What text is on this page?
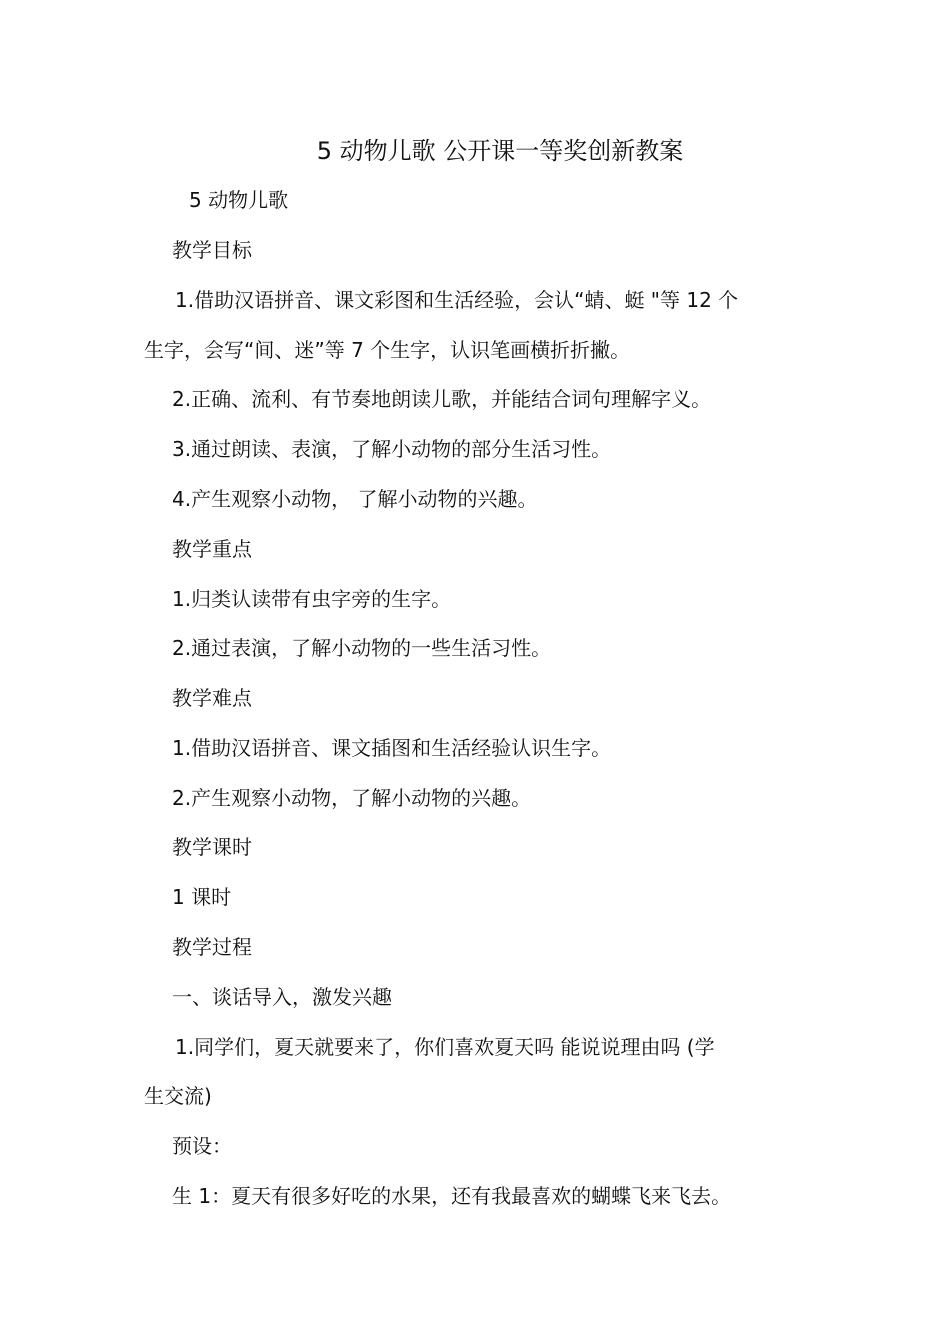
5 动物儿歌 公开课一等奖创新教案
5 动物儿歌
教学目标
1.借助汉语拼音、课文彩图和生活经验，会认“蜻、蜓 "等 12 个
生字，会写“间、迷”等 7 个生字，认识笔画横折折撇。
2.正确、流利、有节奏地朗读儿歌，并能结合词句理解字义。
3.通过朗读、表演，了解小动物的部分生活习性。
4.产生观察小动物， 了解小动物的兴趣。
教学重点
1.归类认读带有虫字旁的生字。
2.通过表演，了解小动物的一些生活习性。
教学难点
1.借助汉语拼音、课文插图和生活经验认识生字。
2.产生观察小动物，了解小动物的兴趣。
教学课时
1 课时
教学过程
一、谈话导入，激发兴趣
1.同学们，夏天就要来了，你们喜欢夏天吗 能说说理由吗 (学
生交流)
预设：
生 1：夏天有很多好吃的水果，还有我最喜欢的蝴蝶飞来飞去。
